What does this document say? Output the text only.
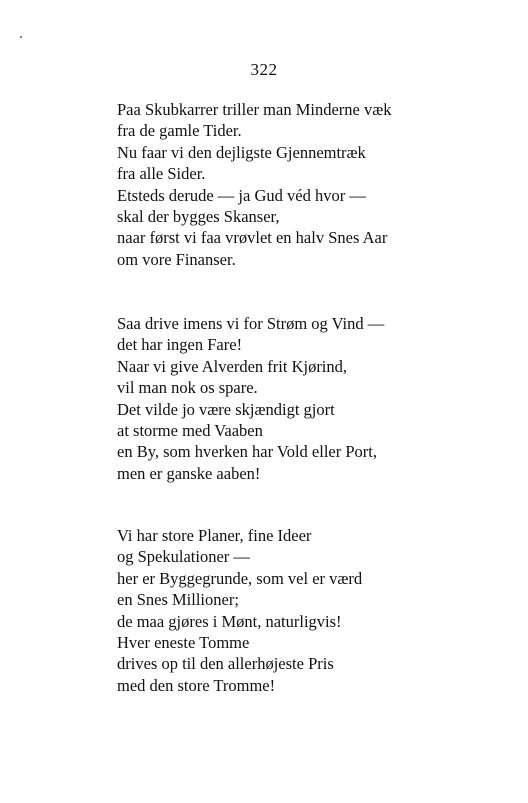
322
Paa Skubkarrer triller man Minderne væk
fra de gamle Tider.
Nu faar vi den dejligste Gjennemtræk
fra alle Sider.
Etsteds derude — ja Gud véd hvor —
skal der bygges Skanser,
naar først vi faa vrøvlet en halv Snes Aar
om vore Finanser.
Saa drive imens vi for Strøm og Vind —
det har ingen Fare!
Naar vi give Alverden frit Kjørind,
vil man nok os spare.
Det vilde jo være skjændigt gjort
at storme med Vaaben
en By, som hverken har Vold eller Port,
men er ganske aaben!
Vi har store Planer, fine Ideer
og Spekulationer —
her er Byggegrunde, som vel er værd
en Snes Millioner;
de maa gjøres i Mønt, naturligvis!
Hver eneste Tomme
drives op til den allerhøjeste Pris
med den store Tromme!
